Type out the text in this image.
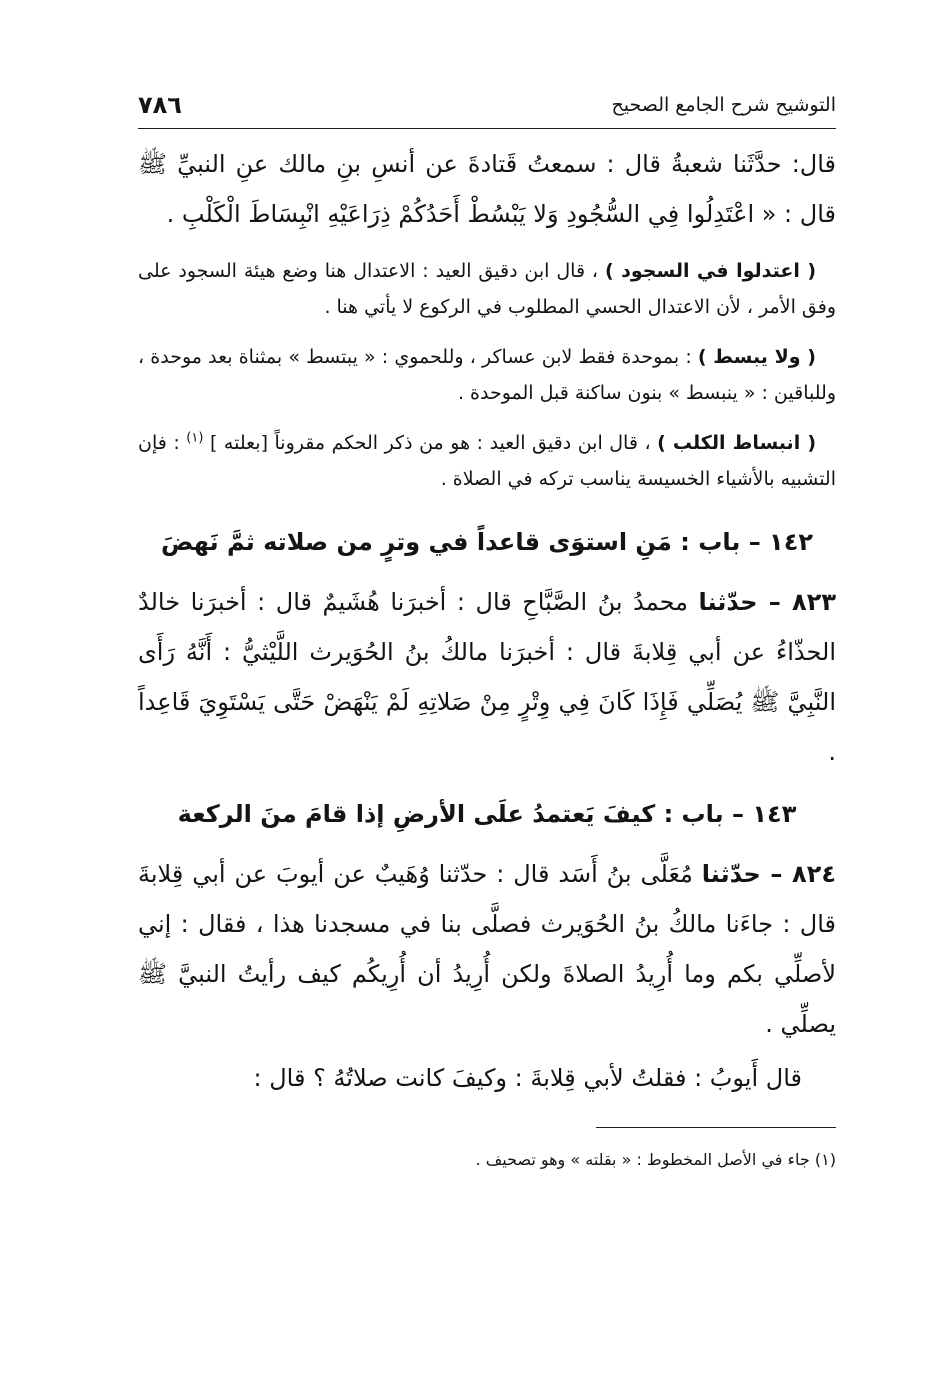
التوشيح شرح الجامع الصحيح
٧٨٦

قال: حدَّثَنا شعبةُ قال : سمعتُ قَتادةَ عن أنسِ بنِ مالك عنِ النبيِّ ﷺ قال : « اعْتَدِلُوا فِي السُّجُودِ وَلا يَبْسُطْ أَحَدُكُمْ ذِرَاعَيْهِ انْبِسَاطَ الْكَلْبِ .

( اعتدلوا في السجود ) ، قال ابن دقيق العيد : الاعتدال هنا وضع هيئة السجود على وفق الأمر ، لأن الاعتدال الحسي المطلوب في الركوع لا يأتي هنا .

( ولا يبسط ) : بموحدة فقط لابن عساكر ، وللحموي : « يبتسط » بمثناة بعد موحدة ، وللباقين : « ينبسط » بنون ساكنة قبل الموحدة .

( انبساط الكلب ) ، قال ابن دقيق العيد : هو من ذكر الحكم مقروناً [بعلته ] $^{(١)}$ : فإن التشبيه بالأشياء الخسيسة يناسب تركه في الصلاة .

١٤٢ – باب : مَنِ استوَى قاعداً في وترٍ من صلاته ثمَّ نَهضَ

٨٢٣ – حدّثنا محمدُ بنُ الصَّبَّاحِ قال : أخبرَنا هُشَيمٌ قال : أخبرَنا خالدٌ الحذّاءُ عن أبي قِلابةَ قال : أخبرَنا مالكُ بنُ الحُوَيرث اللَّيْثيُّ : أَنَّهُ رَأَى النَّبِيَّ ﷺ يُصَلِّي فَإِذَا كَانَ فِي وِتْرٍ مِنْ صَلاتِهِ لَمْ يَنْهَضْ حَتَّى يَسْتَوِيَ قَاعِداً .

١٤٣ – باب : كيفَ يَعتمدُ علَى الأرضِ إذا قامَ منَ الركعة

٨٢٤ – حدّثنا مُعَلَّى بنُ أَسَد قال : حدّثنا وُهَيبٌ عن أيوبَ عن أبي قِلابةَ قال : جاءَنا مالكُ بنُ الحُوَيرث فصلَّى بنا في مسجدنا هذا ، فقال : إني لأصلِّي بكم وما أُرِيدُ الصلاةَ ولكن أُرِيدُ أن أُرِيكُم كيف رأيتُ النبيَّ ﷺ يصلِّي .

قال أَيوبُ : فقلتُ لأبي قِلابةَ : وكيفَ كانت صلاتُهُ ؟ قال :

(١) جاء في الأصل المخطوط : « بقلته » وهو تصحيف .
